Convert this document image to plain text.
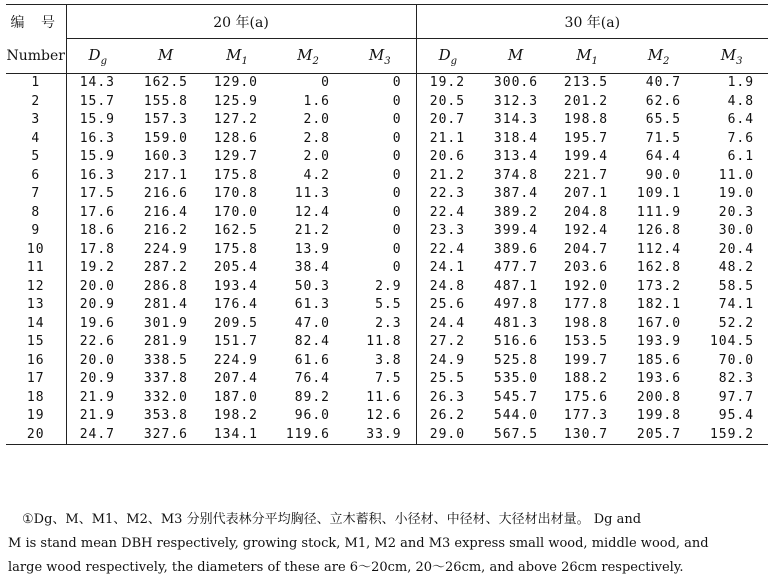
编 号	20 年(a)					30 年(a)				
Number	$D_g$	M	$M_1$	$M_2$	$M_3$	$D_g$	M	$M_1$	$M_2$	$M_3$
1	14.3	162.5	129.0	0	0	19.2	300.6	213.5	40.7	1.9
2	15.7	155.8	125.9	1.6	0	20.5	312.3	201.2	62.6	4.8
3	15.9	157.3	127.2	2.0	0	20.7	314.3	198.8	65.5	6.4
4	16.3	159.0	128.6	2.8	0	21.1	318.4	195.7	71.5	7.6
5	15.9	160.3	129.7	2.0	0	20.6	313.4	199.4	64.4	6.1
6	16.3	217.1	175.8	4.2	0	21.2	374.8	221.7	90.0	11.0
7	17.5	216.6	170.8	11.3	0	22.3	387.4	207.1	109.1	19.0
8	17.6	216.4	170.0	12.4	0	22.4	389.2	204.8	111.9	20.3
9	18.6	216.2	162.5	21.2	0	23.3	399.4	192.4	126.8	30.0
10	17.8	224.9	175.8	13.9	0	22.4	389.6	204.7	112.4	20.4
11	19.2	287.2	205.4	38.4	0	24.1	477.7	203.6	162.8	48.2
12	20.0	286.8	193.4	50.3	2.9	24.8	487.1	192.0	173.2	58.5
13	20.9	281.4	176.4	61.3	5.5	25.6	497.8	177.8	182.1	74.1
14	19.6	301.9	209.5	47.0	2.3	24.4	481.3	198.8	167.0	52.2
15	22.6	281.9	151.7	82.4	11.8	27.2	516.6	153.5	193.9	104.5
16	20.0	338.5	224.9	61.6	3.8	24.9	525.8	199.7	185.6	70.0
17	20.9	337.8	207.4	76.4	7.5	25.5	535.0	188.2	193.6	82.3
18	21.9	332.0	187.0	89.2	11.6	26.3	545.7	175.6	200.8	97.7
19	21.9	353.8	198.2	96.0	12.6	26.2	544.0	177.3	199.8	95.4
20	24.7	327.6	134.1	119.6	33.9	29.0	567.5	130.7	205.7	159.2

①Dg、M、M1、M2、M3 分别代表林分平均胸径、立木蓄积、小径材、中径材、大径材出材量。 Dg and

M is stand mean DBH respectively, growing stock, M1, M2 and M3 express small wood, middle wood, and

large wood respectively, the diameters of these are 6～20cm, 20～26cm, and above 26cm respectively.
